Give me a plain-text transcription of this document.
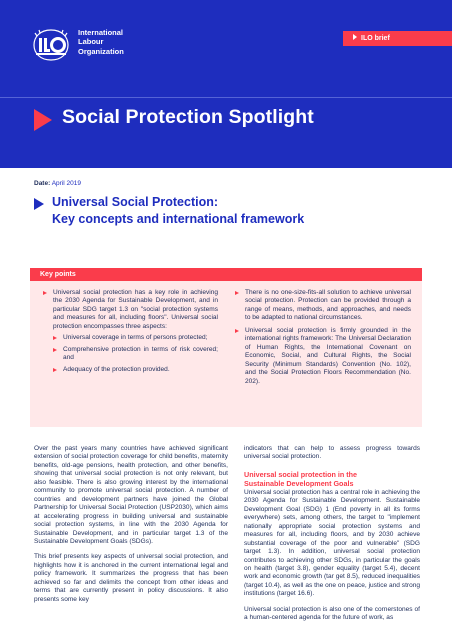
International
Labour
Organization
ILO brief
Social Protection Spotlight
Date: April 2019
Universal Social Protection:
Key concepts and international framework
Key points
Universal social protection has a key role in achieving the 2030 Agenda for Sustainable Development, and in particular SDG target 1.3 on "social protection systems and measures for all, including floors". Universal social protection encompasses three aspects:
Universal coverage in terms of persons protected;
Comprehensive protection in terms of risk covered; and
Adequacy of the protection provided.
There is no one-size-fits-all solution to achieve universal social protection. Protection can be provided through a range of means, methods, and approaches, and needs to be adapted to national circumstances.
Universal social protection is firmly grounded in the international rights framework: The Universal Declaration of Human Rights, the International Covenant on Economic, Social, and Cultural Rights, the Social Security (Minimum Standards) Convention (No. 102), and the Social Protection Floors Recommendation (No. 202).

Over the past years many countries have achieved significant extension of social protection coverage for child benefits, maternity benefits, old-age pensions, health protection, and other benefits, showing that universal social protection is not only relevant, but also feasible. There is also growing interest by the international community to promote universal social protection. A number of countries and development partners have joined the Global Partnership for Universal Social Protection (USP2030), which aims at accelerating progress in building universal and sustainable social protection systems, in line with the 2030 Agenda for Sustainable Development, and in particular target 1.3 of the Sustainable Development Goals (SDGs).

This brief presents key aspects of universal social protection, and highlights how it is anchored in the current international legal and policy framework. It summarizes the progress that has been achieved so far and delimits the concept from other ideas and terms that are currently present in policy discussions. It also presents some key

indicators that can help to assess progress towards universal social protection.

Universal social protection in the
Sustainable Development Goals

Universal social protection has a central role in achieving the 2030 Agenda for Sustainable Development. Sustainable Development Goal (SDG) 1 (End poverty in all its forms everywhere) sets, among others, the target to "implement nationally appropriate social protection systems and measures for all, including floors, and by 2030 achieve substantial coverage of the poor and vulnerable" (SDG target 1.3). In addition, universal social protection contributes to achieving other SDGs, in particular the goals on health (target 3.8), gender equality (target 5.4), decent work and economic growth (tar get 8.5), reduced inequalities (target 10.4), as well as the one on peace, justice and strong institutions (target 16.6).

Universal social protection is also one of the cornerstones of a human-centered agenda for the future of work, as
